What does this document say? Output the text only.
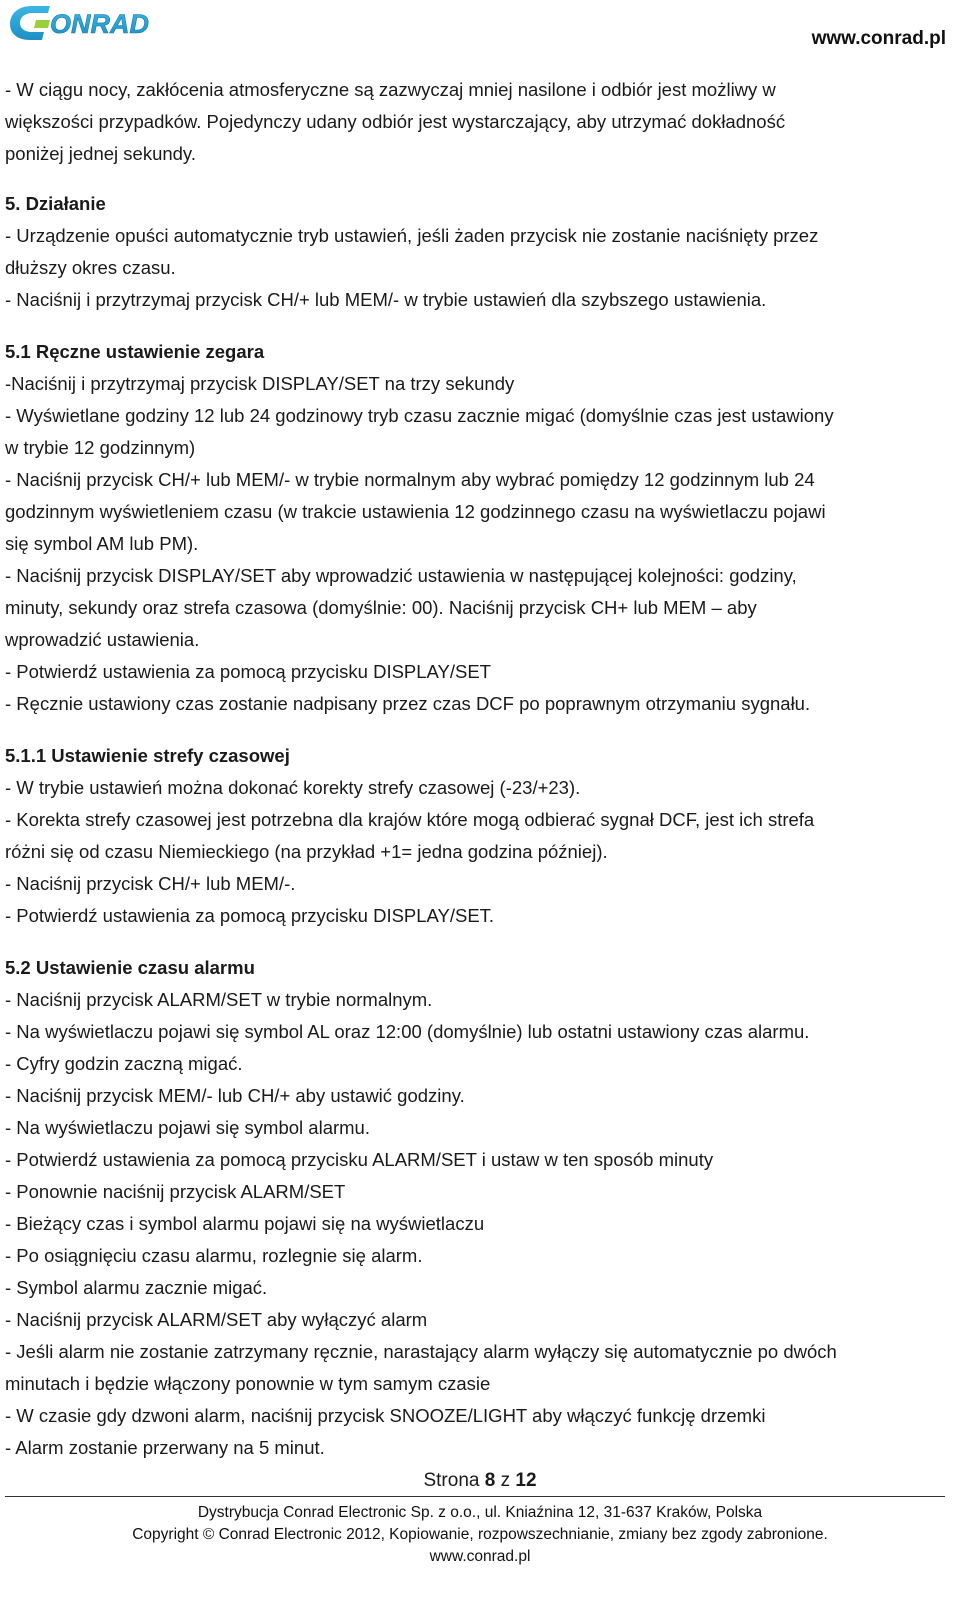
ONRAD	www.conrad.pl
- W ciągu nocy, zakłócenia atmosferyczne są zazwyczaj mniej nasilone i odbiór jest możliwy w
większości przypadków. Pojedynczy udany odbiór jest wystarczający, aby utrzymać dokładność
poniżej jednej sekundy.
5. Działanie
- Urządzenie opuści automatycznie tryb ustawień, jeśli żaden przycisk nie zostanie naciśnięty przez
dłuższy okres czasu.
- Naciśnij i przytrzymaj przycisk CH/+ lub MEM/- w trybie ustawień dla szybszego ustawienia.
5.1 Ręczne ustawienie zegara
-Naciśnij i przytrzymaj przycisk DISPLAY/SET na trzy sekundy
- Wyświetlane godziny 12 lub 24 godzinowy tryb czasu zacznie migać (domyślnie czas jest ustawiony
w trybie 12 godzinnym)
- Naciśnij przycisk CH/+ lub MEM/- w trybie normalnym aby wybrać pomiędzy 12 godzinnym lub 24
godzinnym wyświetleniem czasu (w trakcie ustawienia 12 godzinnego czasu na wyświetlaczu pojawi
się symbol AM lub PM).
- Naciśnij przycisk DISPLAY/SET aby wprowadzić ustawienia w następującej kolejności: godziny,
minuty, sekundy oraz strefa czasowa (domyślnie: 00). Naciśnij przycisk CH+ lub MEM – aby
wprowadzić ustawienia.
- Potwierdź ustawienia za pomocą przycisku DISPLAY/SET
- Ręcznie ustawiony czas zostanie nadpisany przez czas DCF po poprawnym otrzymaniu sygnału.
5.1.1 Ustawienie strefy czasowej
- W trybie ustawień można dokonać korekty strefy czasowej (-23/+23).
- Korekta strefy czasowej jest potrzebna dla krajów które mogą odbierać sygnał DCF, jest ich strefa
różni się od czasu Niemieckiego (na przykład +1= jedna godzina później).
- Naciśnij przycisk CH/+ lub MEM/-.
- Potwierdź ustawienia za pomocą przycisku DISPLAY/SET.
5.2 Ustawienie czasu alarmu
- Naciśnij przycisk ALARM/SET w trybie normalnym.
- Na wyświetlaczu pojawi się symbol AL oraz 12:00 (domyślnie) lub ostatni ustawiony czas alarmu.
- Cyfry godzin zaczną migać.
- Naciśnij przycisk MEM/- lub CH/+ aby ustawić godziny.
- Na wyświetlaczu pojawi się symbol alarmu.
- Potwierdź ustawienia za pomocą przycisku ALARM/SET i ustaw w ten sposób minuty
- Ponownie naciśnij przycisk ALARM/SET
- Bieżący czas i symbol alarmu pojawi się na wyświetlaczu
- Po osiągnięciu czasu alarmu, rozlegnie się alarm.
- Symbol alarmu zacznie migać.
- Naciśnij przycisk ALARM/SET aby wyłączyć alarm
- Jeśli alarm nie zostanie zatrzymany ręcznie, narastający alarm wyłączy się automatycznie po dwóch
minutach i będzie włączony ponownie w tym samym czasie
- W czasie gdy dzwoni alarm, naciśnij przycisk SNOOZE/LIGHT aby włączyć funkcję drzemki
- Alarm zostanie przerwany na 5 minut.
Strona 8 z 12
Dystrybucja Conrad Electronic Sp. z o.o., ul. Kniaźnina 12, 31-637 Kraków, Polska
Copyright © Conrad Electronic 2012, Kopiowanie, rozpowszechnianie, zmiany bez zgody zabronione.
www.conrad.pl
